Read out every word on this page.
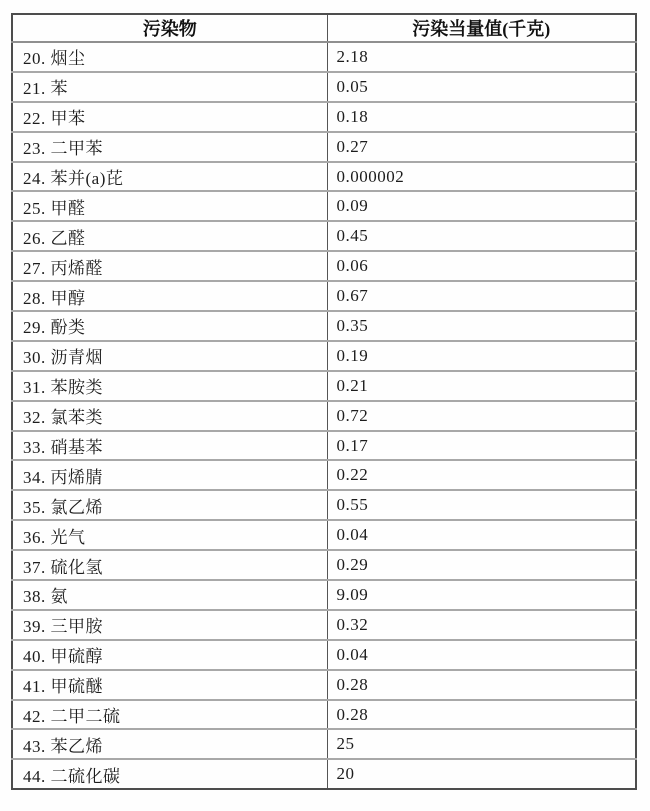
污染物	污染当量值(千克)
20. 烟尘	2.18
21. 苯	0.05
22. 甲苯	0.18
23. 二甲苯	0.27
24. 苯并(a)芘	0.000002
25. 甲醛	0.09
26. 乙醛	0.45
27. 丙烯醛	0.06
28. 甲醇	0.67
29. 酚类	0.35
30. 沥青烟	0.19
31. 苯胺类	0.21
32. 氯苯类	0.72
33. 硝基苯	0.17
34. 丙烯腈	0.22
35. 氯乙烯	0.55
36. 光气	0.04
37. 硫化氢	0.29
38. 氨	9.09
39. 三甲胺	0.32
40. 甲硫醇	0.04
41. 甲硫醚	0.28
42. 二甲二硫	0.28
43. 苯乙烯	25
44. 二硫化碳	20
